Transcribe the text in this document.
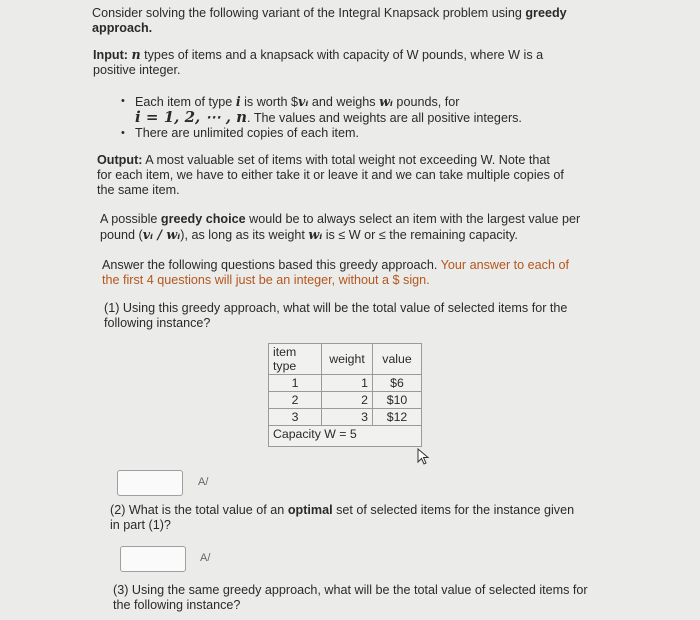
Consider solving the following variant of the Integral Knapsack problem using greedy
approach.
Input: n types of items and a knapsack with capacity of W pounds, where W is a
positive integer.
• Each item of type i is worth $vᵢ and weighs wᵢ pounds, for
i = 1, 2, ⋯ , n. The values and weights are all positive integers.
• There are unlimited copies of each item.
Output: A most valuable set of items with total weight not exceeding W. Note that
for each item, we have to either take it or leave it and we can take multiple copies of
the same item.
A possible greedy choice would be to always select an item with the largest value per
pound (vᵢ / wᵢ), as long as its weight wᵢ is ≤ W or ≤ the remaining capacity.
Answer the following questions based this greedy approach. Your answer to each of
the first 4 questions will just be an integer, without a $ sign.
(1) Using this greedy approach, what will be the total value of selected items for the
following instance?
item type	weight	value
1	1	$6
2	2	$10
3	3	$12
Capacity W = 5		
A/
(2) What is the total value of an optimal set of selected items for the instance given
in part (1)?
A/
(3) Using the same greedy approach, what will be the total value of selected items for
the following instance?
